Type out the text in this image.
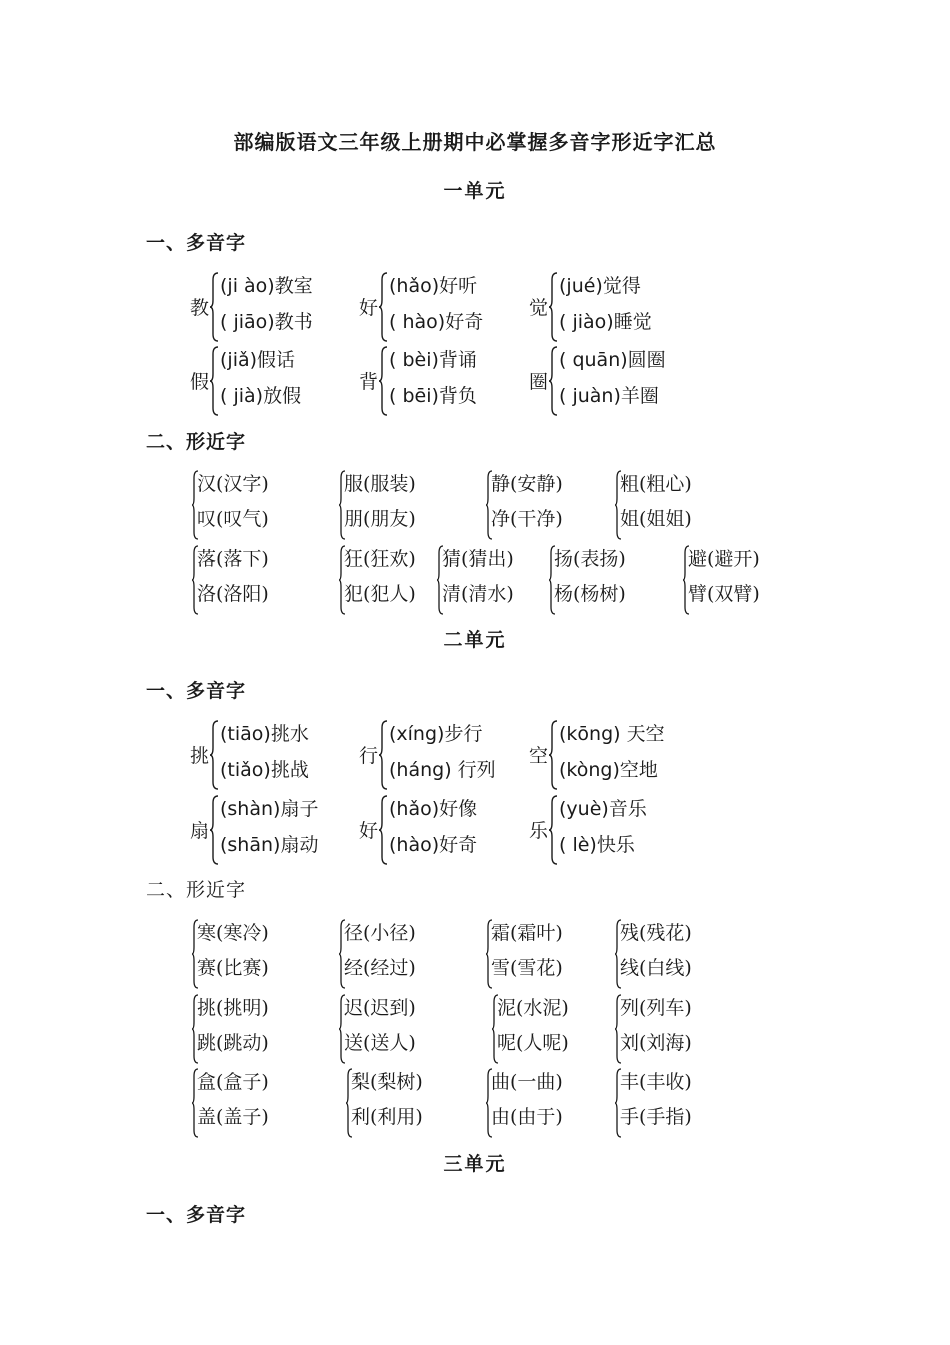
部编版语文三年级上册期中必掌握多音字形近字汇总
一单元
一、多音字
教
(ji ào)教室
( jiāo)教书
好
(hǎo)好听
( hào)好奇
觉
(jué)觉得
( jiào)睡觉
假
(jiǎ)假话
( jià)放假
背
( bèi)背诵
( bēi)背负
圈
( quān)圆圈
( juàn)羊圈
二、形近字
汉(汉字)
叹(叹气)
服(服装)
朋(朋友)
静(安静)
净(干净)
粗(粗心)
姐(姐姐)
落(落下)
洛(洛阳)
狂(狂欢)
犯(犯人)
猜(猜出)
清(清水)
扬(表扬)
杨(杨树)
避(避开)
臂(双臂)
二单元
一、多音字
挑
(tiāo)挑水
(tiǎo)挑战
行
(xíng)步行
(háng) 行列
空
(kōng) 天空
(kòng)空地
扇
(shàn)扇子
(shān)扇动
好
(hǎo)好像
(hào)好奇
乐
(yuè)音乐
( lè)快乐
二、形近字
寒(寒冷)
赛(比赛)
径(小径)
经(经过)
霜(霜叶)
雪(雪花)
残(残花)
线(白线)
挑(挑明)
跳(跳动)
迟(迟到)
送(送人)
泥(水泥)
呢(人呢)
列(列车)
刘(刘海)
盒(盒子)
盖(盖子)
梨(梨树)
利(利用)
曲(一曲)
由(由于)
丰(丰收)
手(手指)
三单元
一、多音字
